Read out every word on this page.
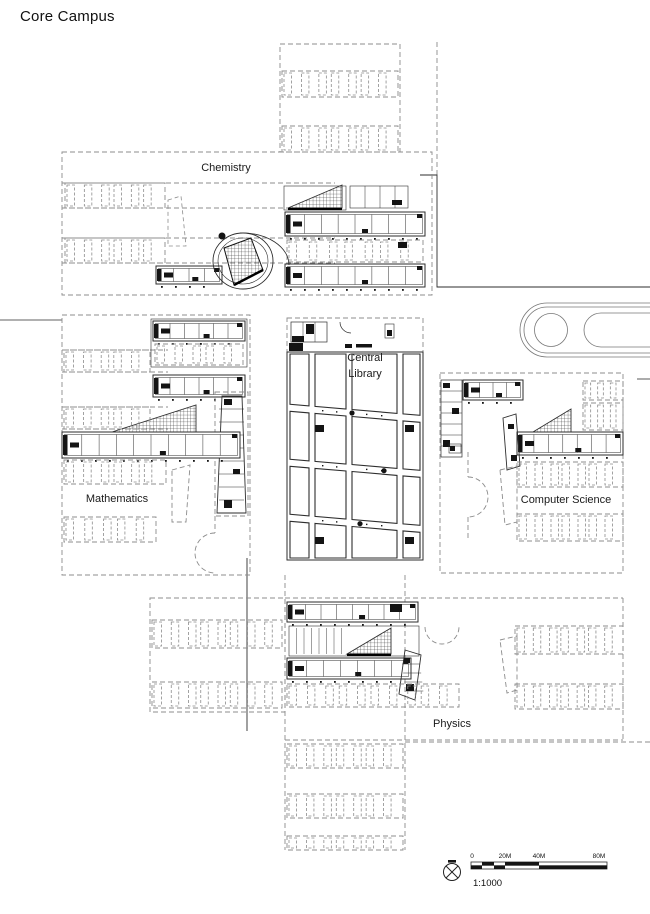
Core Campus
Chemistry
Central
Library
Mathematics	Computer Science
Physics
0	20M	40M	80M
1:1000
